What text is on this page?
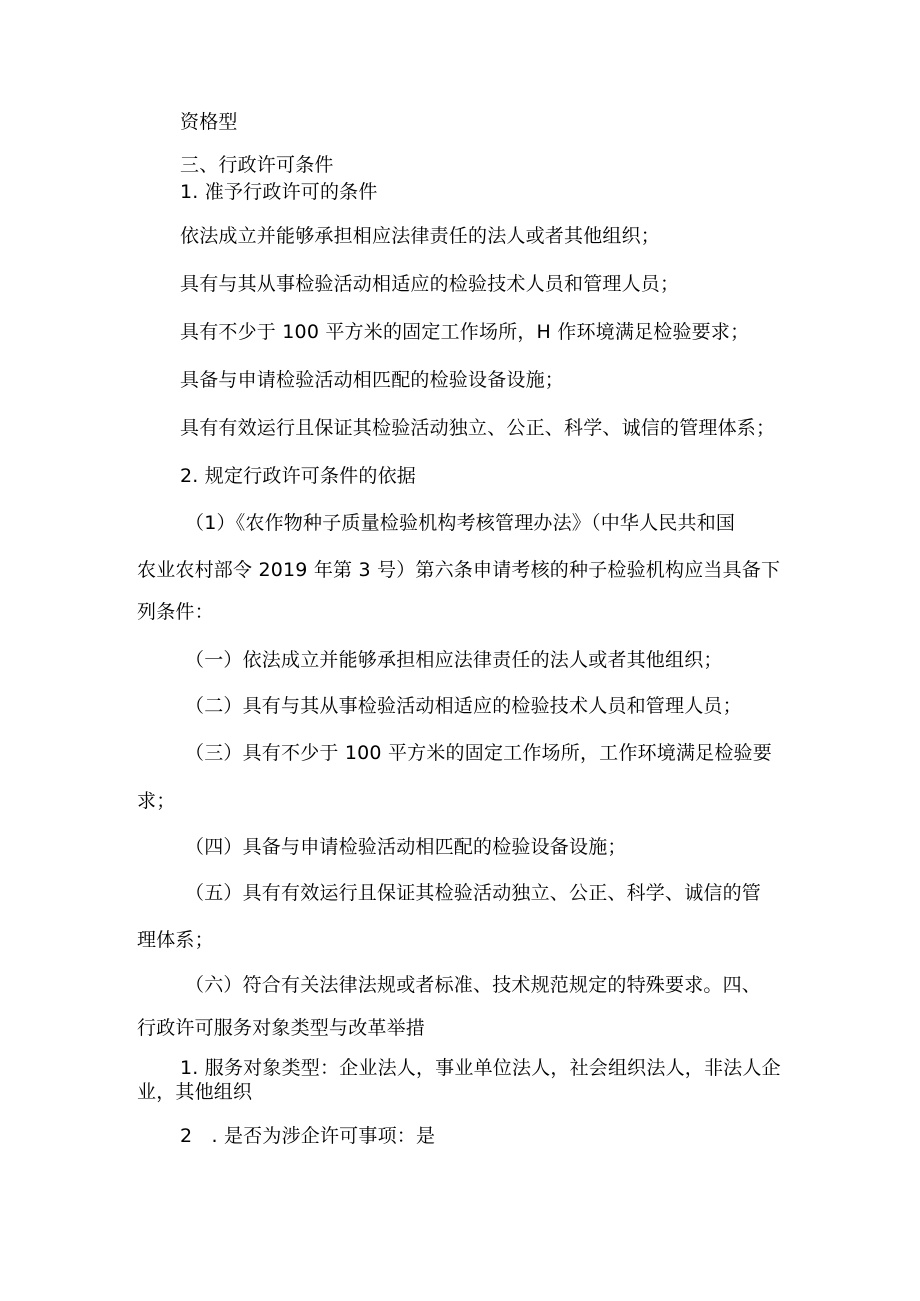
资格型
三、行政许可条件
1. 准予行政许可的条件
依法成立并能够承担相应法律责任的法人或者其他组织；
具有与其从事检验活动相适应的检验技术人员和管理人员；
具有不少于 100 平方米的固定工作场所，H 作环境满足检验要求；
具备与申请检验活动相匹配的检验设备设施；
具有有效运行且保证其检验活动独立、公正、科学、诚信的管理体系；
2. 规定行政许可条件的依据
（1）《农作物种子质量检验机构考核管理办法》（中华人民共和国
农业农村部令 2019 年第 3 号）第六条申请考核的种子检验机构应当具备下
列条件：
（一）依法成立并能够承担相应法律责任的法人或者其他组织；
（二）具有与其从事检验活动相适应的检验技术人员和管理人员；
（三）具有不少于 100 平方米的固定工作场所，工作环境满足检验要
求；
（四）具备与申请检验活动相匹配的检验设备设施；
（五）具有有效运行且保证其检验活动独立、公正、科学、诚信的管
理体系；
（六）符合有关法律法规或者标准、技术规范规定的特殊要求。四、
行政许可服务对象类型与改革举措
1. 服务对象类型：企业法人，事业单位法人，社会组织法人，非法人企
业，其他组织
2　. 是否为涉企许可事项：是
